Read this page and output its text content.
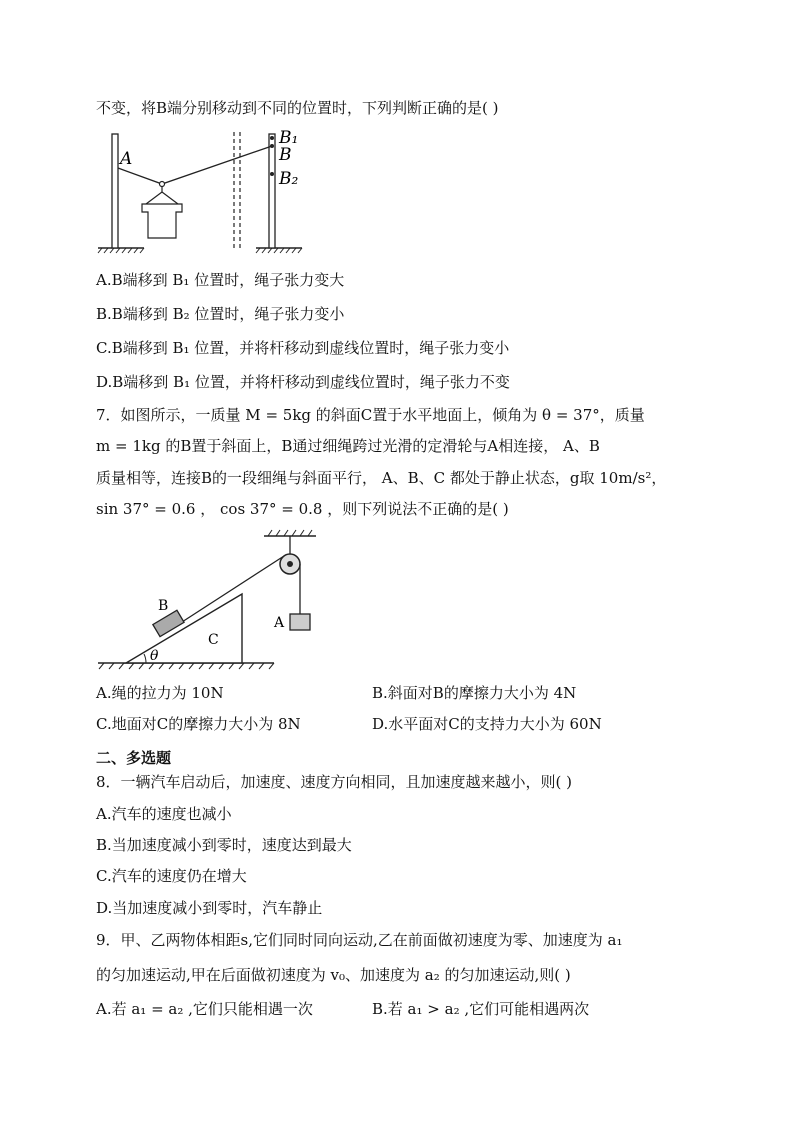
不变，将B端分别移动到不同的位置时，下列判断正确的是( )
A
B₁
B
B₂
A.B端移到 B₁ 位置时，绳子张力变大
B.B端移到 B₂ 位置时，绳子张力变小
C.B端移到 B₁ 位置，并将杆移动到虚线位置时，绳子张力变小
D.B端移到 B₁ 位置，并将杆移动到虚线位置时，绳子张力不变
7．如图所示，一质量 M = 5kg 的斜面C置于水平地面上，倾角为 θ = 37°，质量
m = 1kg 的B置于斜面上，B通过细绳跨过光滑的定滑轮与A相连接， A、B
质量相等，连接B的一段细绳与斜面平行， A、B、C 都处于静止状态，g取 10m/s²，
sin 37° = 0.6 ， cos 37° = 0.8 ，则下列说法不正确的是( )
B
C
A
θ
A.绳的拉力为 10N	B.斜面对B的摩擦力大小为 4N
C.地面对C的摩擦力大小为 8N	D.水平面对C的支持力大小为 60N
二、多选题
8．一辆汽车启动后，加速度、速度方向相同，且加速度越来越小，则( )
A.汽车的速度也减小
B.当加速度减小到零时，速度达到最大
C.汽车的速度仍在增大
D.当加速度减小到零时，汽车静止
9．甲、乙两物体相距s,它们同时同向运动,乙在前面做初速度为零、加速度为 a₁
的匀加速运动,甲在后面做初速度为 v₀、加速度为 a₂ 的匀加速运动,则( )
A.若 a₁ = a₂ ,它们只能相遇一次	B.若 a₁ > a₂ ,它们可能相遇两次
